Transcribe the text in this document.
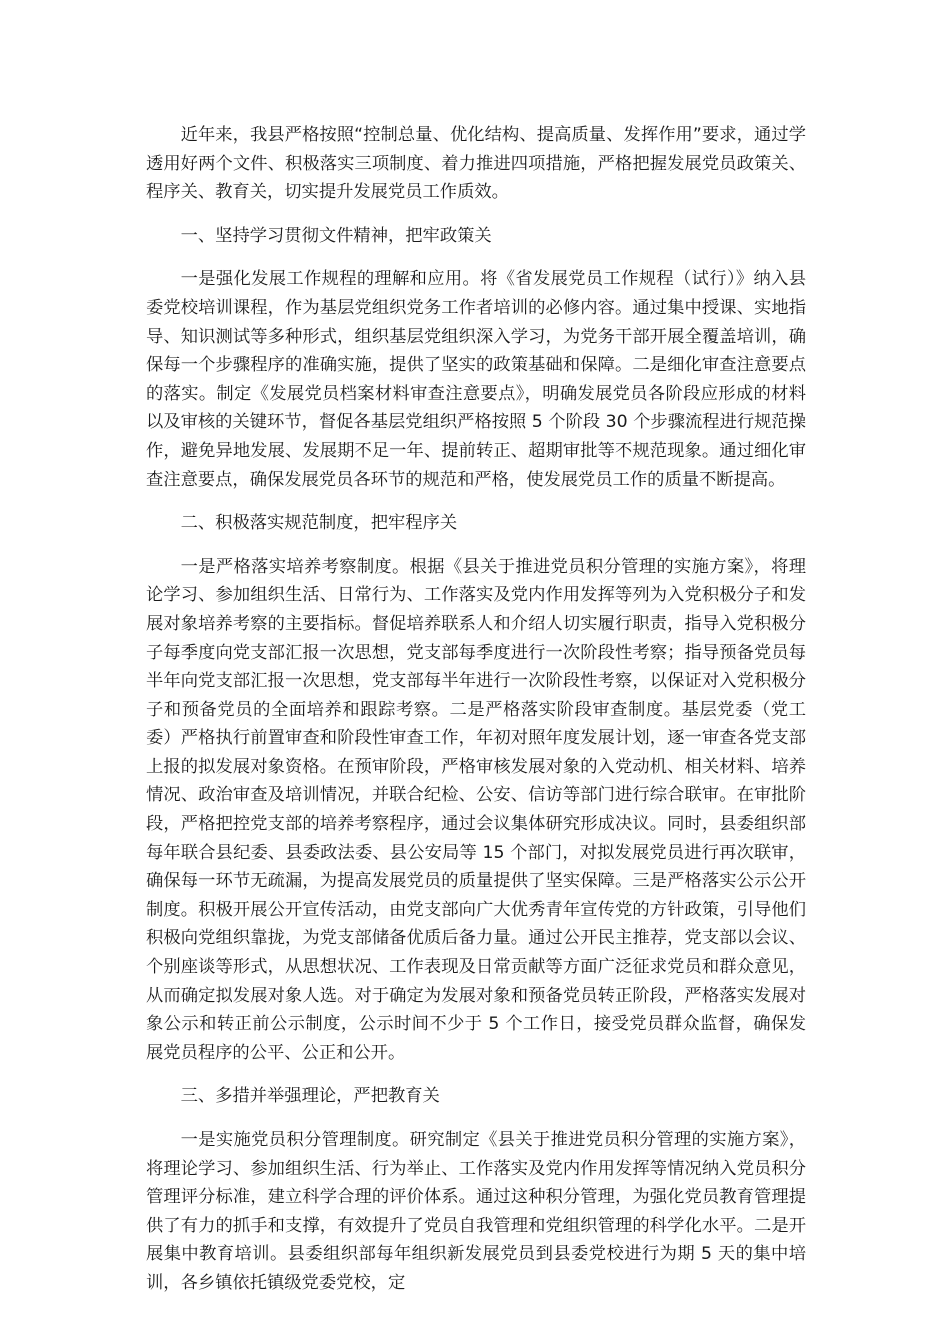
近年来，我县严格按照“控制总量、优化结构、提高质量、发挥作用”要求，通过学透用好两个文件、积极落实三项制度、着力推进四项措施，严格把握发展党员政策关、程序关、教育关，切实提升发展党员工作质效。

一、坚持学习贯彻文件精神，把牢政策关

一是强化发展工作规程的理解和应用。将《省发展党员工作规程（试行）》纳入县委党校培训课程，作为基层党组织党务工作者培训的必修内容。通过集中授课、实地指导、知识测试等多种形式，组织基层党组织深入学习，为党务干部开展全覆盖培训，确保每一个步骤程序的准确实施，提供了坚实的政策基础和保障。二是细化审查注意要点的落实。制定《发展党员档案材料审查注意要点》，明确发展党员各阶段应形成的材料以及审核的关键环节，督促各基层党组织严格按照 5 个阶段 30 个步骤流程进行规范操作，避免异地发展、发展期不足一年、提前转正、超期审批等不规范现象。通过细化审查注意要点，确保发展党员各环节的规范和严格，使发展党员工作的质量不断提高。

二、积极落实规范制度，把牢程序关

一是严格落实培养考察制度。根据《县关于推进党员积分管理的实施方案》，将理论学习、参加组织生活、日常行为、工作落实及党内作用发挥等列为入党积极分子和发展对象培养考察的主要指标。督促培养联系人和介绍人切实履行职责，指导入党积极分子每季度向党支部汇报一次思想，党支部每季度进行一次阶段性考察；指导预备党员每半年向党支部汇报一次思想，党支部每半年进行一次阶段性考察，以保证对入党积极分子和预备党员的全面培养和跟踪考察。二是严格落实阶段审查制度。基层党委（党工委）严格执行前置审查和阶段性审查工作，年初对照年度发展计划，逐一审查各党支部上报的拟发展对象资格。在预审阶段，严格审核发展对象的入党动机、相关材料、培养情况、政治审查及培训情况，并联合纪检、公安、信访等部门进行综合联审。在审批阶段，严格把控党支部的培养考察程序，通过会议集体研究形成决议。同时，县委组织部每年联合县纪委、县委政法委、县公安局等 15 个部门，对拟发展党员进行再次联审，确保每一环节无疏漏，为提高发展党员的质量提供了坚实保障。三是严格落实公示公开制度。积极开展公开宣传活动，由党支部向广大优秀青年宣传党的方针政策，引导他们积极向党组织靠拢，为党支部储备优质后备力量。通过公开民主推荐，党支部以会议、个别座谈等形式，从思想状况、工作表现及日常贡献等方面广泛征求党员和群众意见，从而确定拟发展对象人选。对于确定为发展对象和预备党员转正阶段，严格落实发展对象公示和转正前公示制度，公示时间不少于 5 个工作日，接受党员群众监督，确保发展党员程序的公平、公正和公开。

三、多措并举强理论，严把教育关

一是实施党员积分管理制度。研究制定《县关于推进党员积分管理的实施方案》，将理论学习、参加组织生活、行为举止、工作落实及党内作用发挥等情况纳入党员积分管理评分标准，建立科学合理的评价体系。通过这种积分管理，为强化党员教育管理提供了有力的抓手和支撑，有效提升了党员自我管理和党组织管理的科学化水平。二是开展集中教育培训。县委组织部每年组织新发展党员到县委党校进行为期 5 天的集中培训，各乡镇依托镇级党委党校，定
